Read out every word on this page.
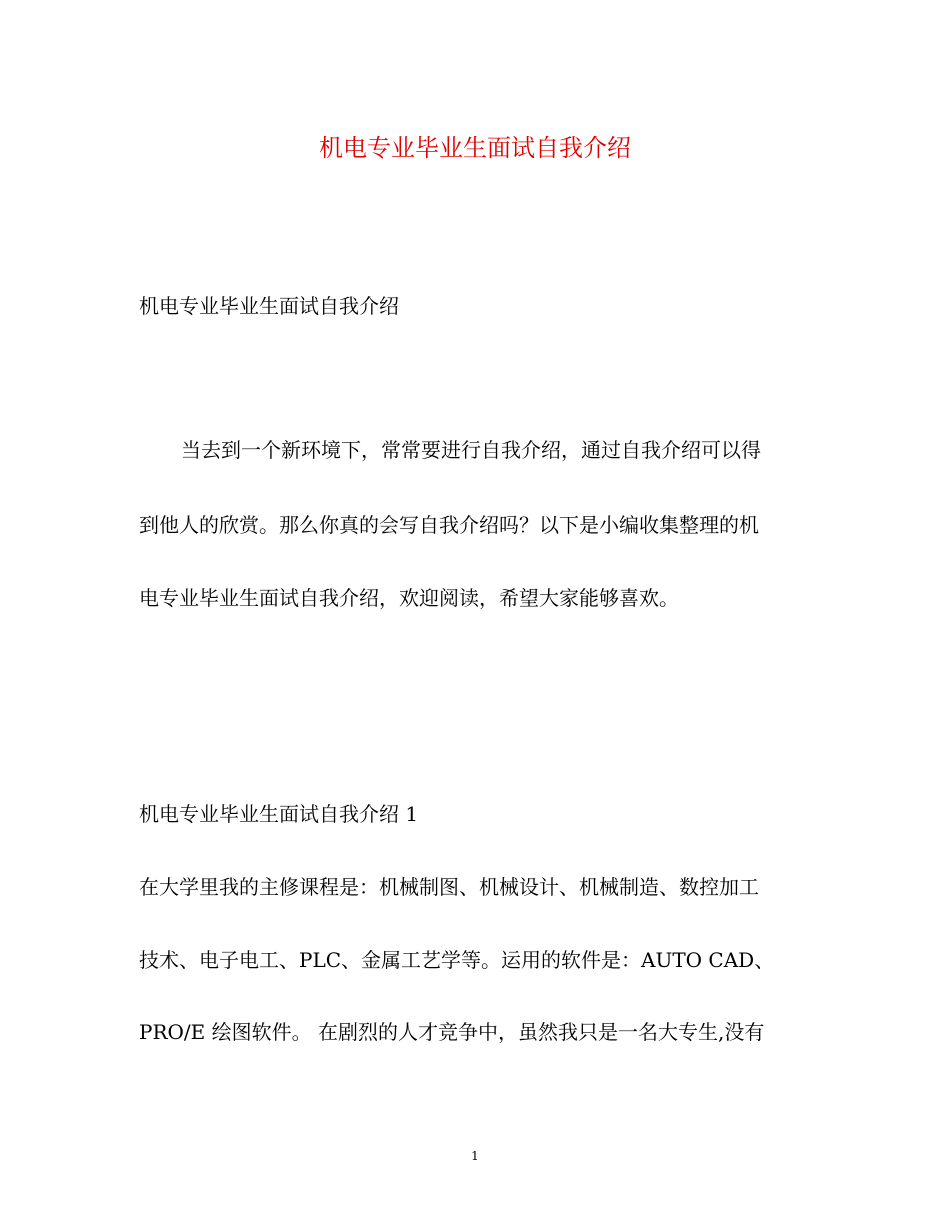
机电专业毕业生面试自我介绍

机电专业毕业生面试自我介绍

当去到一个新环境下，常常要进行自我介绍，通过自我介绍可以得

到他人的欣赏。那么你真的会写自我介绍吗？以下是小编收集整理的机

电专业毕业生面试自我介绍，欢迎阅读，希望大家能够喜欢。

机电专业毕业生面试自我介绍 1

在大学里我的主修课程是：机械制图、机械设计、机械制造、数控加工

技术、电子电工、PLC、金属工艺学等。运用的软件是：AUTO CAD、

PRO/E 绘图软件。 在剧烈的人才竞争中，虽然我只是一名大专生,没有

1
